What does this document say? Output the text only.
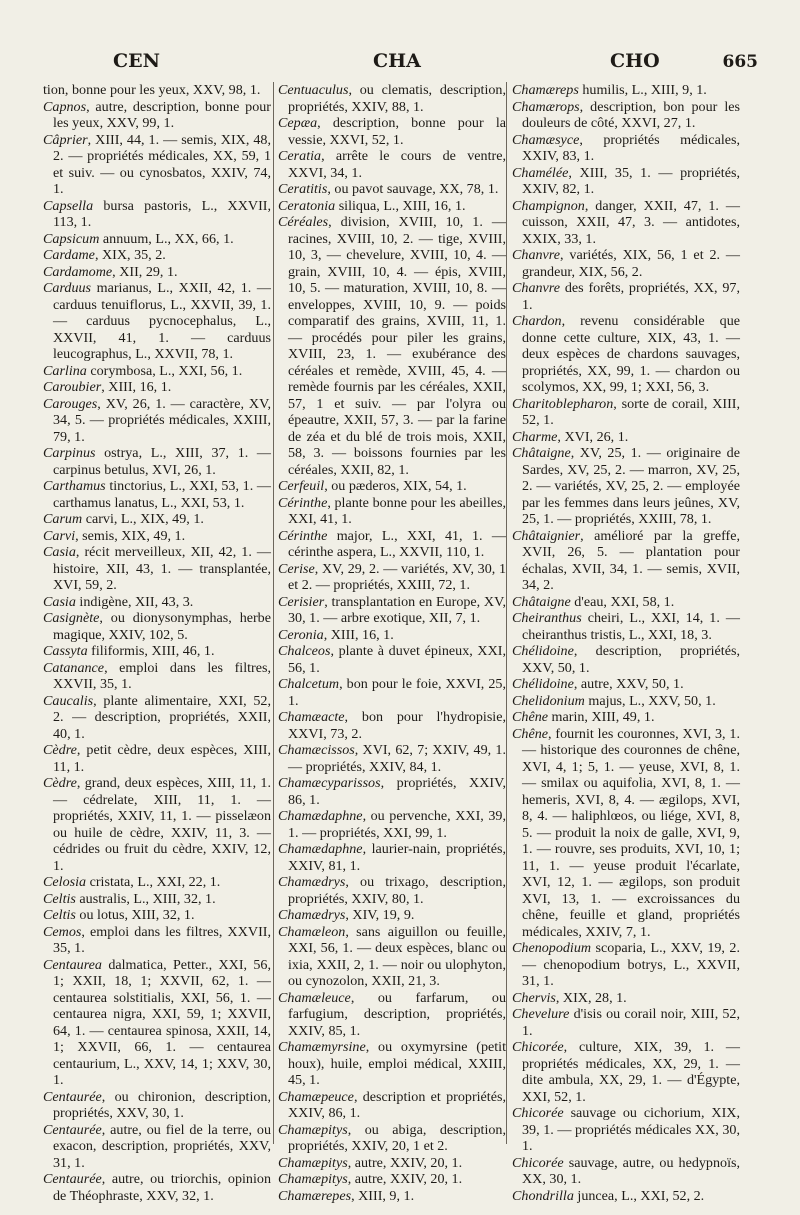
CEN	CHA	CHO	665

tion, bonne pour les yeux, XXV, 98, 1.

Capnos, autre, description, bonne pour les yeux, XXV, 99, 1.

Câprier, XIII, 44, 1. — semis, XIX, 48, 2. — propriétés médicales, XX, 59, 1 et suiv. — ou cynosbatos, XXIV, 74, 1.

Capsella bursa pastoris, L., XXVII, 113, 1.

Capsicum annuum, L., XX, 66, 1.

Cardame, XIX, 35, 2.

Cardamome, XII, 29, 1.

Carduus marianus, L., XXII, 42, 1. — carduus tenuiflorus, L., XXVII, 39, 1. — carduus pycnocephalus, L., XXVII, 41, 1. — carduus leucographus, L., XXVII, 78, 1.

Carlina corymbosa, L., XXI, 56, 1.

Caroubier, XIII, 16, 1.

Carouges, XV, 26, 1. — caractère, XV, 34, 5. — propriétés médicales, XXIII, 79, 1.

Carpinus ostrya, L., XIII, 37, 1. — carpinus betulus, XVI, 26, 1.

Carthamus tinctorius, L., XXI, 53, 1. — carthamus lanatus, L., XXI, 53, 1.

Carum carvi, L., XIX, 49, 1.

Carvi, semis, XIX, 49, 1.

Casia, récit merveilleux, XII, 42, 1. — histoire, XII, 43, 1. — transplantée, XVI, 59, 2.

Casia indigène, XII, 43, 3.

Casignète, ou dionysonymphas, herbe magique, XXIV, 102, 5.

Cassyta filiformis, XIII, 46, 1.

Catanance, emploi dans les filtres, XXVII, 35, 1.

Caucalis, plante alimentaire, XXI, 52, 2. — description, propriétés, XXII, 40, 1.

Cèdre, petit cèdre, deux espèces, XIII, 11, 1.

Cèdre, grand, deux espèces, XIII, 11, 1. — cédrelate, XIII, 11, 1. — propriétés, XXIV, 11, 1. — pisselæon ou huile de cèdre, XXIV, 11, 3. — cédrides ou fruit du cèdre, XXIV, 12, 1.

Celosia cristata, L., XXI, 22, 1.

Celtis australis, L., XIII, 32, 1.

Celtis ou lotus, XIII, 32, 1.

Cemos, emploi dans les filtres, XXVII, 35, 1.

Centaurea dalmatica, Petter., XXI, 56, 1; XXII, 18, 1; XXVII, 62, 1. — centaurea solstitialis, XXI, 56, 1. — centaurea nigra, XXI, 59, 1; XXVII, 64, 1. — centaurea spinosa, XXII, 14, 1; XXVII, 66, 1. — centaurea centaurium, L., XXV, 14, 1; XXV, 30, 1.

Centaurée, ou chironion, description, propriétés, XXV, 30, 1.

Centaurée, autre, ou fiel de la terre, ou exacon, description, propriétés, XXV, 31, 1.

Centaurée, autre, ou triorchis, opinion de Théophraste, XXV, 32, 1.

Centuaculus, ou clematis, description, propriétés, XXIV, 88, 1.

Cepæa, description, bonne pour la vessie, XXVI, 52, 1.

Ceratia, arrête le cours de ventre, XXVI, 34, 1.

Ceratitis, ou pavot sauvage, XX, 78, 1.

Ceratonia siliqua, L., XIII, 16, 1.

Céréales, division, XVIII, 10, 1. — racines, XVIII, 10, 2. — tige, XVIII, 10, 3, — chevelure, XVIII, 10, 4. — grain, XVIII, 10, 4. — épis, XVIII, 10, 5. — maturation, XVIII, 10, 8. — enveloppes, XVIII, 10, 9. — poids comparatif des grains, XVIII, 11, 1. — procédés pour piler les grains, XVIII, 23, 1. — exubérance des céréales et remède, XVIII, 45, 4. — remède fournis par les céréales, XXII, 57, 1 et suiv. — par l'olyra ou épeautre, XXII, 57, 3. — par la farine de zéa et du blé de trois mois, XXII, 58, 3. — boissons fournies par les céréales, XXII, 82, 1.

Cerfeuil, ou pæderos, XIX, 54, 1.

Cérinthe, plante bonne pour les abeilles, XXI, 41, 1.

Cérinthe major, L., XXI, 41, 1. — cérinthe aspera, L., XXVII, 110, 1.

Cerise, XV, 29, 2. — variétés, XV, 30, 1 et 2. — propriétés, XXIII, 72, 1.

Cerisier, transplantation en Europe, XV, 30, 1. — arbre exotique, XII, 7, 1.

Ceronia, XIII, 16, 1.

Chalceos, plante à duvet épineux, XXI, 56, 1.

Chalcetum, bon pour le foie, XXVI, 25, 1.

Chamæacte, bon pour l'hydropisie, XXVI, 73, 2.

Chamæcissos, XVI, 62, 7; XXIV, 49, 1. — propriétés, XXIV, 84, 1.

Chamæcyparissos, propriétés, XXIV, 86, 1.

Chamædaphne, ou pervenche, XXI, 39, 1. — propriétés, XXI, 99, 1.

Chamædaphne, laurier-nain, propriétés, XXIV, 81, 1.

Chamædrys, ou trixago, description, propriétés, XXIV, 80, 1.

Chamædrys, XIV, 19, 9.

Chamæleon, sans aiguillon ou feuille, XXI, 56, 1. — deux espèces, blanc ou ixia, XXII, 2, 1. — noir ou ulophyton, ou cynozolon, XXII, 21, 3.

Chamæleuce, ou farfarum, ou farfugium, description, propriétés, XXIV, 85, 1.

Chamæmyrsine, ou oxymyrsine (petit houx), huile, emploi médical, XXIII, 45, 1.

Chamæpeuce, description et propriétés, XXIV, 86, 1.

Chamæpitys, ou abiga, description, propriétés, XXIV, 20, 1 et 2.

Chamæpitys, autre, XXIV, 20, 1.

Chamæpitys, autre, XXIV, 20, 1.

Chamærepes, XIII, 9, 1.

Chamæreps humilis, L., XIII, 9, 1.

Chamærops, description, bon pour les douleurs de côté, XXVI, 27, 1.

Chamæsyce, propriétés médicales, XXIV, 83, 1.

Chamélée, XIII, 35, 1. — propriétés, XXIV, 82, 1.

Champignon, danger, XXII, 47, 1. — cuisson, XXII, 47, 3. — antidotes, XXIX, 33, 1.

Chanvre, variétés, XIX, 56, 1 et 2. — grandeur, XIX, 56, 2.

Chanvre des forêts, propriétés, XX, 97, 1.

Chardon, revenu considérable que donne cette culture, XIX, 43, 1. — deux espèces de chardons sauvages, propriétés, XX, 99, 1. — chardon ou scolymos, XX, 99, 1; XXI, 56, 3.

Charitoblepharon, sorte de corail, XIII, 52, 1.

Charme, XVI, 26, 1.

Châtaigne, XV, 25, 1. — originaire de Sardes, XV, 25, 2. — marron, XV, 25, 2. — variétés, XV, 25, 2. — employée par les femmes dans leurs jeûnes, XV, 25, 1. — propriétés, XXIII, 78, 1.

Châtaignier, amélioré par la greffe, XVII, 26, 5. — plantation pour échalas, XVII, 34, 1. — semis, XVII, 34, 2.

Châtaigne d'eau, XXI, 58, 1.

Cheiranthus cheiri, L., XXI, 14, 1. — cheiranthus tristis, L., XXI, 18, 3.

Chélidoine, description, propriétés, XXV, 50, 1.

Chélidoine, autre, XXV, 50, 1.

Chelidonium majus, L., XXV, 50, 1.

Chêne marin, XIII, 49, 1.

Chêne, fournit les couronnes, XVI, 3, 1. — historique des couronnes de chêne, XVI, 4, 1; 5, 1. — yeuse, XVI, 8, 1. — smilax ou aquifolia, XVI, 8, 1. — hemeris, XVI, 8, 4. — ægilops, XVI, 8, 4. — haliphlœos, ou liége, XVI, 8, 5. — produit la noix de galle, XVI, 9, 1. — rouvre, ses produits, XVI, 10, 1; 11, 1. — yeuse produit l'écarlate, XVI, 12, 1. — ægilops, son produit XVI, 13, 1. — excroissances du chêne, feuille et gland, propriétés médicales, XXIV, 7, 1.

Chenopodium scoparia, L., XXV, 19, 2. — chenopodium botrys, L., XXVII, 31, 1.

Chervis, XIX, 28, 1.

Chevelure d'isis ou corail noir, XIII, 52, 1.

Chicorée, culture, XIX, 39, 1. — propriétés médicales, XX, 29, 1. — dite ambula, XX, 29, 1. — d'Égypte, XXI, 52, 1.

Chicorée sauvage ou cichorium, XIX, 39, 1. — propriétés médicales XX, 30, 1.

Chicorée sauvage, autre, ou hedypnoïs, XX, 30, 1.

Chondrilla juncea, L., XXI, 52, 2.
